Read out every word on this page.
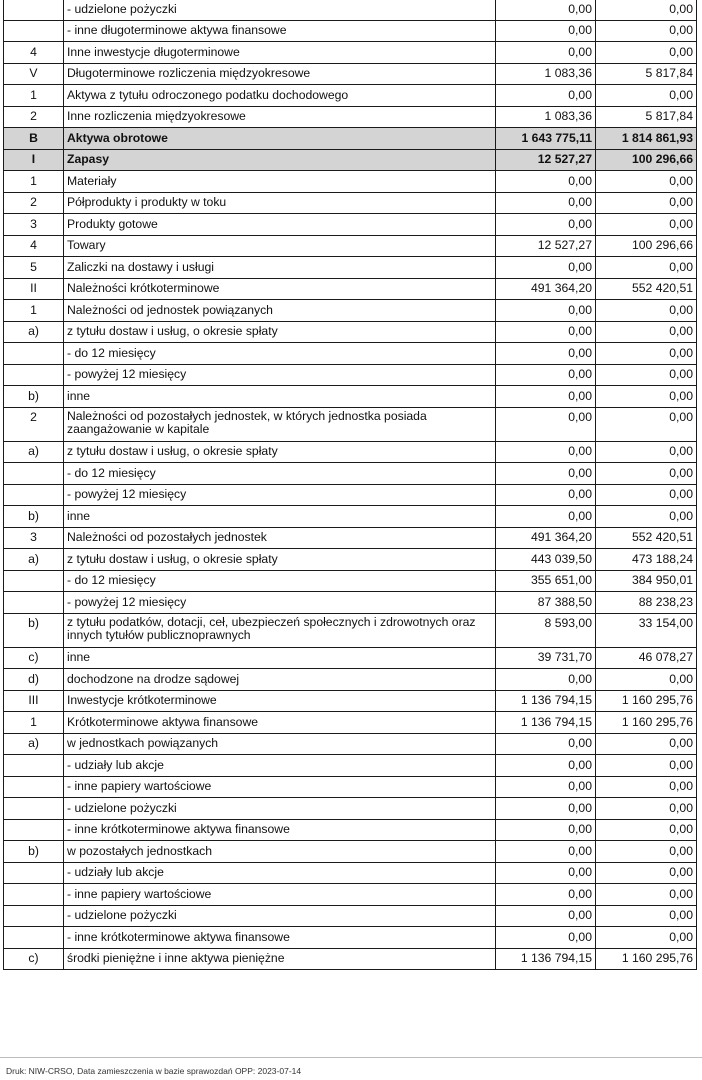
	- udzielone pożyczki	0,00	0,00
	- inne długoterminowe aktywa finansowe	0,00	0,00
4	Inne inwestycje długoterminowe	0,00	0,00
V	Długoterminowe rozliczenia międzyokresowe	1 083,36	5 817,84
1	Aktywa z tytułu odroczonego podatku dochodowego	0,00	0,00
2	Inne rozliczenia międzyokresowe	1 083,36	5 817,84
B	Aktywa obrotowe	1 643 775,11	1 814 861,93
I	Zapasy	12 527,27	100 296,66
1	Materiały	0,00	0,00
2	Półprodukty i produkty w toku	0,00	0,00
3	Produkty gotowe	0,00	0,00
4	Towary	12 527,27	100 296,66
5	Zaliczki na dostawy i usługi	0,00	0,00
II	Należności krótkoterminowe	491 364,20	552 420,51
1	Należności od jednostek powiązanych	0,00	0,00
a)	z tytułu dostaw i usług, o okresie spłaty	0,00	0,00
	- do 12 miesięcy	0,00	0,00
	- powyżej 12 miesięcy	0,00	0,00
b)	inne	0,00	0,00
2	Należności od pozostałych jednostek, w których jednostka posiada zaangażowanie w kapitale	0,00	0,00
a)	z tytułu dostaw i usług, o okresie spłaty	0,00	0,00
	- do 12 miesięcy	0,00	0,00
	- powyżej 12 miesięcy	0,00	0,00
b)	inne	0,00	0,00
3	Należności od pozostałych jednostek	491 364,20	552 420,51
a)	z tytułu dostaw i usług, o okresie spłaty	443 039,50	473 188,24
	- do 12 miesięcy	355 651,00	384 950,01
	- powyżej 12 miesięcy	87 388,50	88 238,23
b)	z tytułu podatków, dotacji, ceł, ubezpieczeń społecznych i zdrowotnych oraz innych tytułów publicznoprawnych	8 593,00	33 154,00
c)	inne	39 731,70	46 078,27
d)	dochodzone na drodze sądowej	0,00	0,00
III	Inwestycje krótkoterminowe	1 136 794,15	1 160 295,76
1	Krótkoterminowe aktywa finansowe	1 136 794,15	1 160 295,76
a)	w jednostkach powiązanych	0,00	0,00
	- udziały lub akcje	0,00	0,00
	- inne papiery wartościowe	0,00	0,00
	- udzielone pożyczki	0,00	0,00
	- inne krótkoterminowe aktywa finansowe	0,00	0,00
b)	w pozostałych jednostkach	0,00	0,00
	- udziały lub akcje	0,00	0,00
	- inne papiery wartościowe	0,00	0,00
	- udzielone pożyczki	0,00	0,00
	- inne krótkoterminowe aktywa finansowe	0,00	0,00
c)	środki pieniężne i inne aktywa pieniężne	1 136 794,15	1 160 295,76
Druk: NIW-CRSO, Data zamieszczenia w bazie sprawozdań OPP: 2023-07-14
